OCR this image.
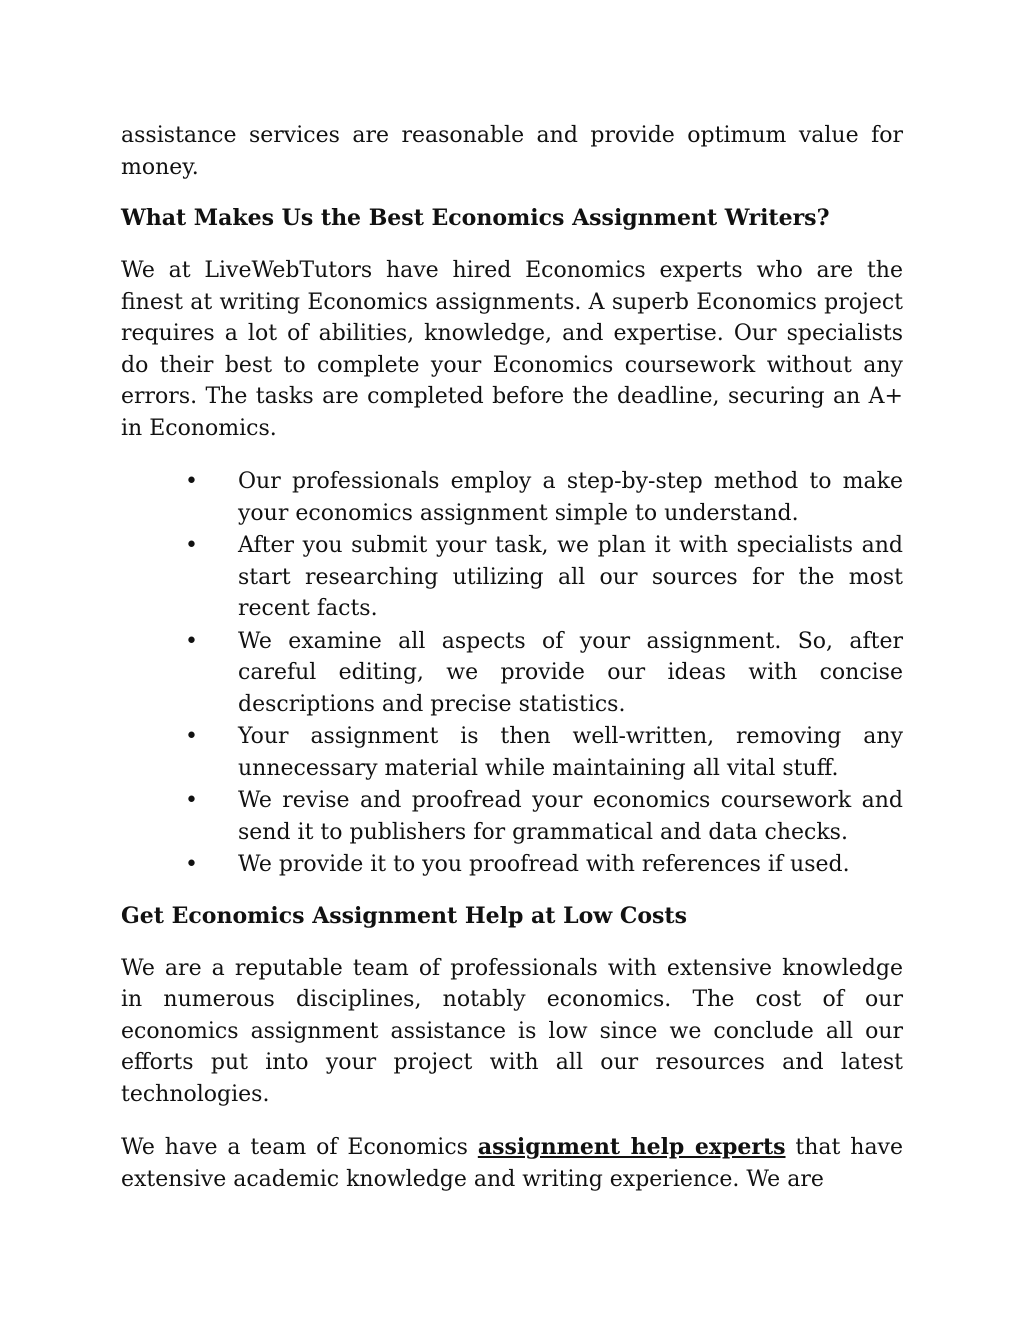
assistance services are reasonable and provide optimum value for money.

What Makes Us the Best Economics Assignment Writers?

We at LiveWebTutors have hired Economics experts who are the finest at writing Economics assignments. A superb Economics project requires a lot of abilities, knowledge, and expertise. Our specialists do their best to complete your Economics coursework without any errors. The tasks are completed before the deadline, securing an A+ in Economics.

• Our professionals employ a step-by-step method to make your economics assignment simple to understand.
• After you submit your task, we plan it with specialists and start researching utilizing all our sources for the most recent facts.
• We examine all aspects of your assignment. So, after careful editing, we provide our ideas with concise descriptions and precise statistics.
• Your assignment is then well-written, removing any unnecessary material while maintaining all vital stuff.
• We revise and proofread your economics coursework and send it to publishers for grammatical and data checks.
• We provide it to you proofread with references if used.
Get Economics Assignment Help at Low Costs

We are a reputable team of professionals with extensive knowledge in numerous disciplines, notably economics. The cost of our economics assignment assistance is low since we conclude all our efforts put into your project with all our resources and latest technologies.

We have a team of Economics assignment help experts that have extensive academic knowledge and writing experience. We are
